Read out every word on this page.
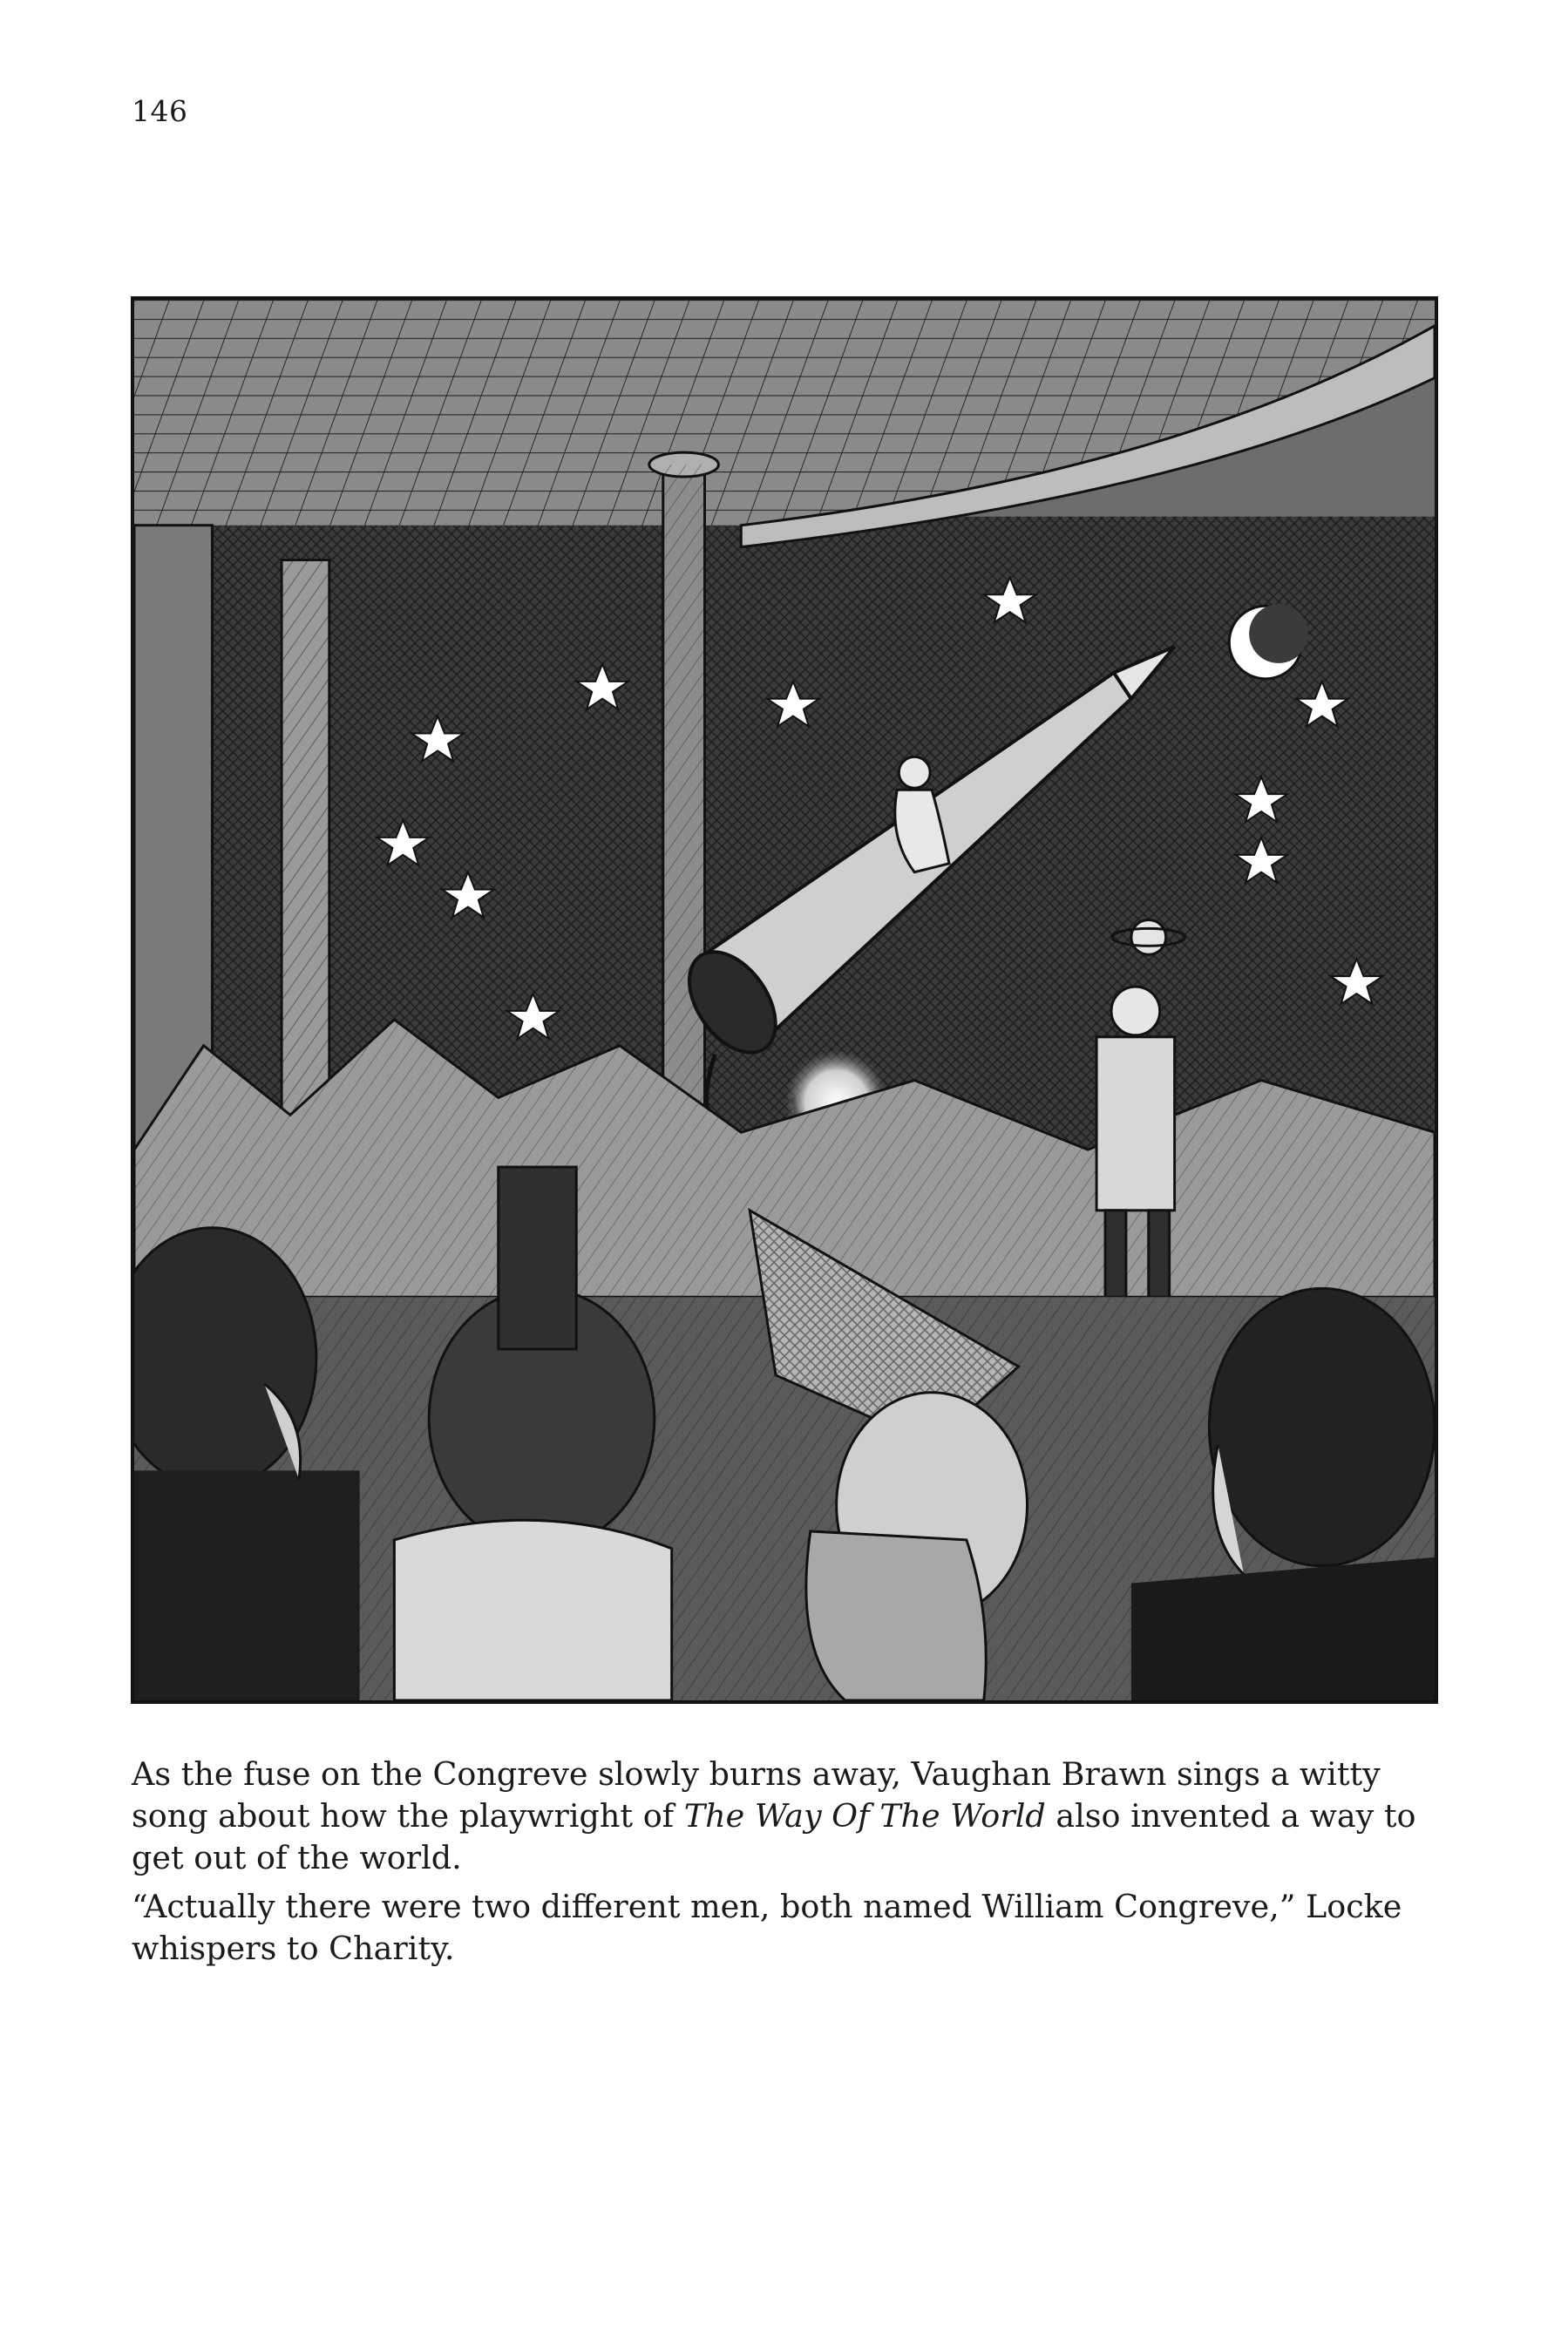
146

As the fuse on the Congreve slowly burns away, Vaughan Brawn sings a witty song about how the playwright of The Way Of The World also invented a way to get out of the world.

“Actually there were two different men, both named William Congreve,” Locke whispers to Charity.
